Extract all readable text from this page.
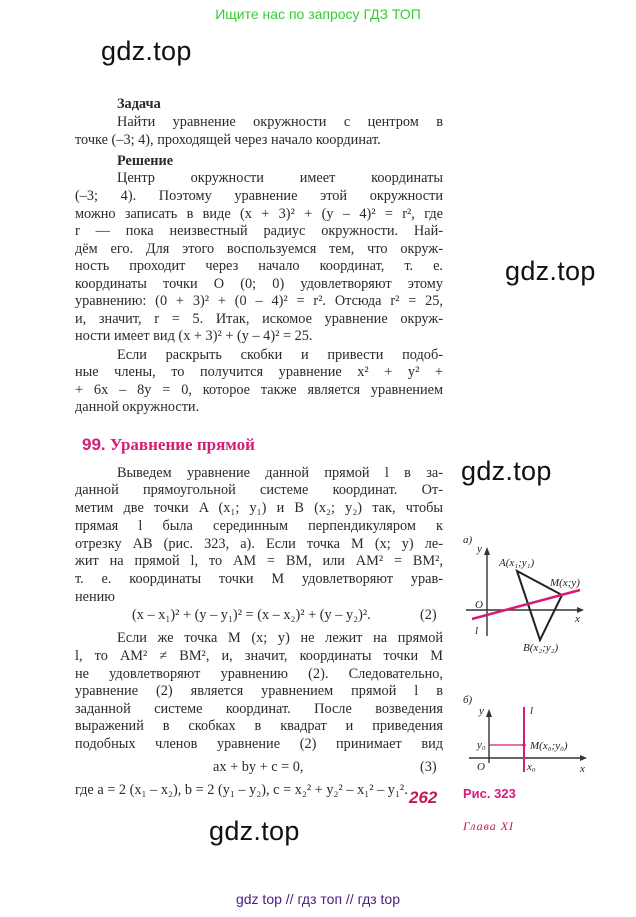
Ищите нас по запросу ГДЗ ТОП
gdz.top
gdz.top
gdz.top
gdz.top
Задача
Найти уравнение окружности с центром в
точке (–3; 4), проходящей через начало координат.
Решение
Центр окружности имеет координаты
(–3; 4). Поэтому уравнение этой окружности
можно записать в виде (x + 3)² + (y – 4)² = r², где
r — пока неизвестный радиус окружности. Най-
дём его. Для этого воспользуемся тем, что окруж-
ность проходит через начало координат, т. е.
координаты точки O (0; 0) удовлетворяют этому
уравнению: (0 + 3)² + (0 – 4)² = r². Отсюда r² = 25,
и, значит, r = 5. Итак, искомое уравнение окруж-
ности имеет вид (x + 3)² + (y – 4)² = 25.
Если раскрыть скобки и привести подоб-
ные члены, то получится уравнение x² + y² +
+ 6x – 8y = 0, которое также является уравнением
данной окружности.
Выведем уравнение данной прямой l в за-
данной прямоугольной системе координат. От-
метим две точки A (x₁; y₁) и B (x₂; y₂) так, чтобы
прямая l была серединным перпендикуляром к
отрезку AB (рис. 323, a). Если точка M (x; y) ле-
жит на прямой l, то AM = BM, или AM² = BM²,
т. е. координаты точки M удовлетворяют урав-
нению
(x – x₁)² + (y – y₁)² = (x – x₂)² + (y – y₂)².
Если же точка M (x; y) не лежит на прямой
l, то AM² ≠ BM², и, значит, координаты точки M
не удовлетворяют уравнению (2). Следовательно,
уравнение (2) является уравнением прямой l в
заданной системе координат. После возведения
выражений в скобках в квадрат и приведения
подобных членов уравнение (2) принимает вид
ax + by + c = 0,
где a = 2 (x₁ – x₂), b = 2 (y₁ – y₂), c = x₂² + y₂² – x₁² – y₁².
99. Уравнение прямой
(2)
(3)
а)
y
x
O
l
A(x₁;y₁)
M(x;y)
B(x₂;y₂)
б)
y
x
O
l
y₀
x₀
M(x₀;y₀)
Рис. 323
262
Глава XI
gdz top // гдз топ // гдз top
